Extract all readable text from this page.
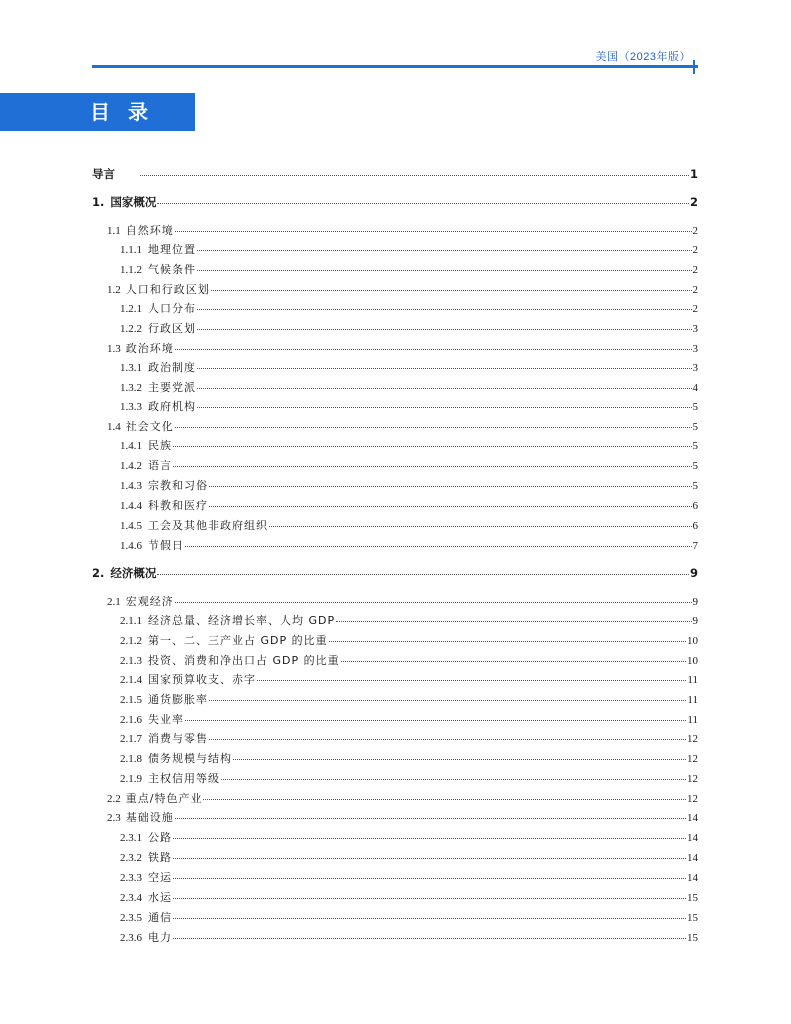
美国（2023年版）
目录
导言	1
1. 国家概况	2
1.1 自然环境	2
1.1.1 地理位置	2
1.1.2 气候条件	2
1.2 人口和行政区划	2
1.2.1 人口分布	2
1.2.2 行政区划	3
1.3 政治环境	3
1.3.1 政治制度	3
1.3.2 主要党派	4
1.3.3 政府机构	5
1.4 社会文化	5
1.4.1 民族	5
1.4.2 语言	5
1.4.3 宗教和习俗	5
1.4.4 科教和医疗	6
1.4.5 工会及其他非政府组织	6
1.4.6 节假日	7
2. 经济概况	9
2.1 宏观经济	9
2.1.1 经济总量、经济增长率、人均 GDP	9
2.1.2 第一、二、三产业占 GDP 的比重	10
2.1.3 投资、消费和净出口占 GDP 的比重	10
2.1.4 国家预算收支、赤字	11
2.1.5 通货膨胀率	11
2.1.6 失业率	11
2.1.7 消费与零售	12
2.1.8 债务规模与结构	12
2.1.9 主权信用等级	12
2.2 重点/特色产业	12
2.3 基础设施	14
2.3.1 公路	14
2.3.2 铁路	14
2.3.3 空运	14
2.3.4 水运	15
2.3.5 通信	15
2.3.6 电力	15
